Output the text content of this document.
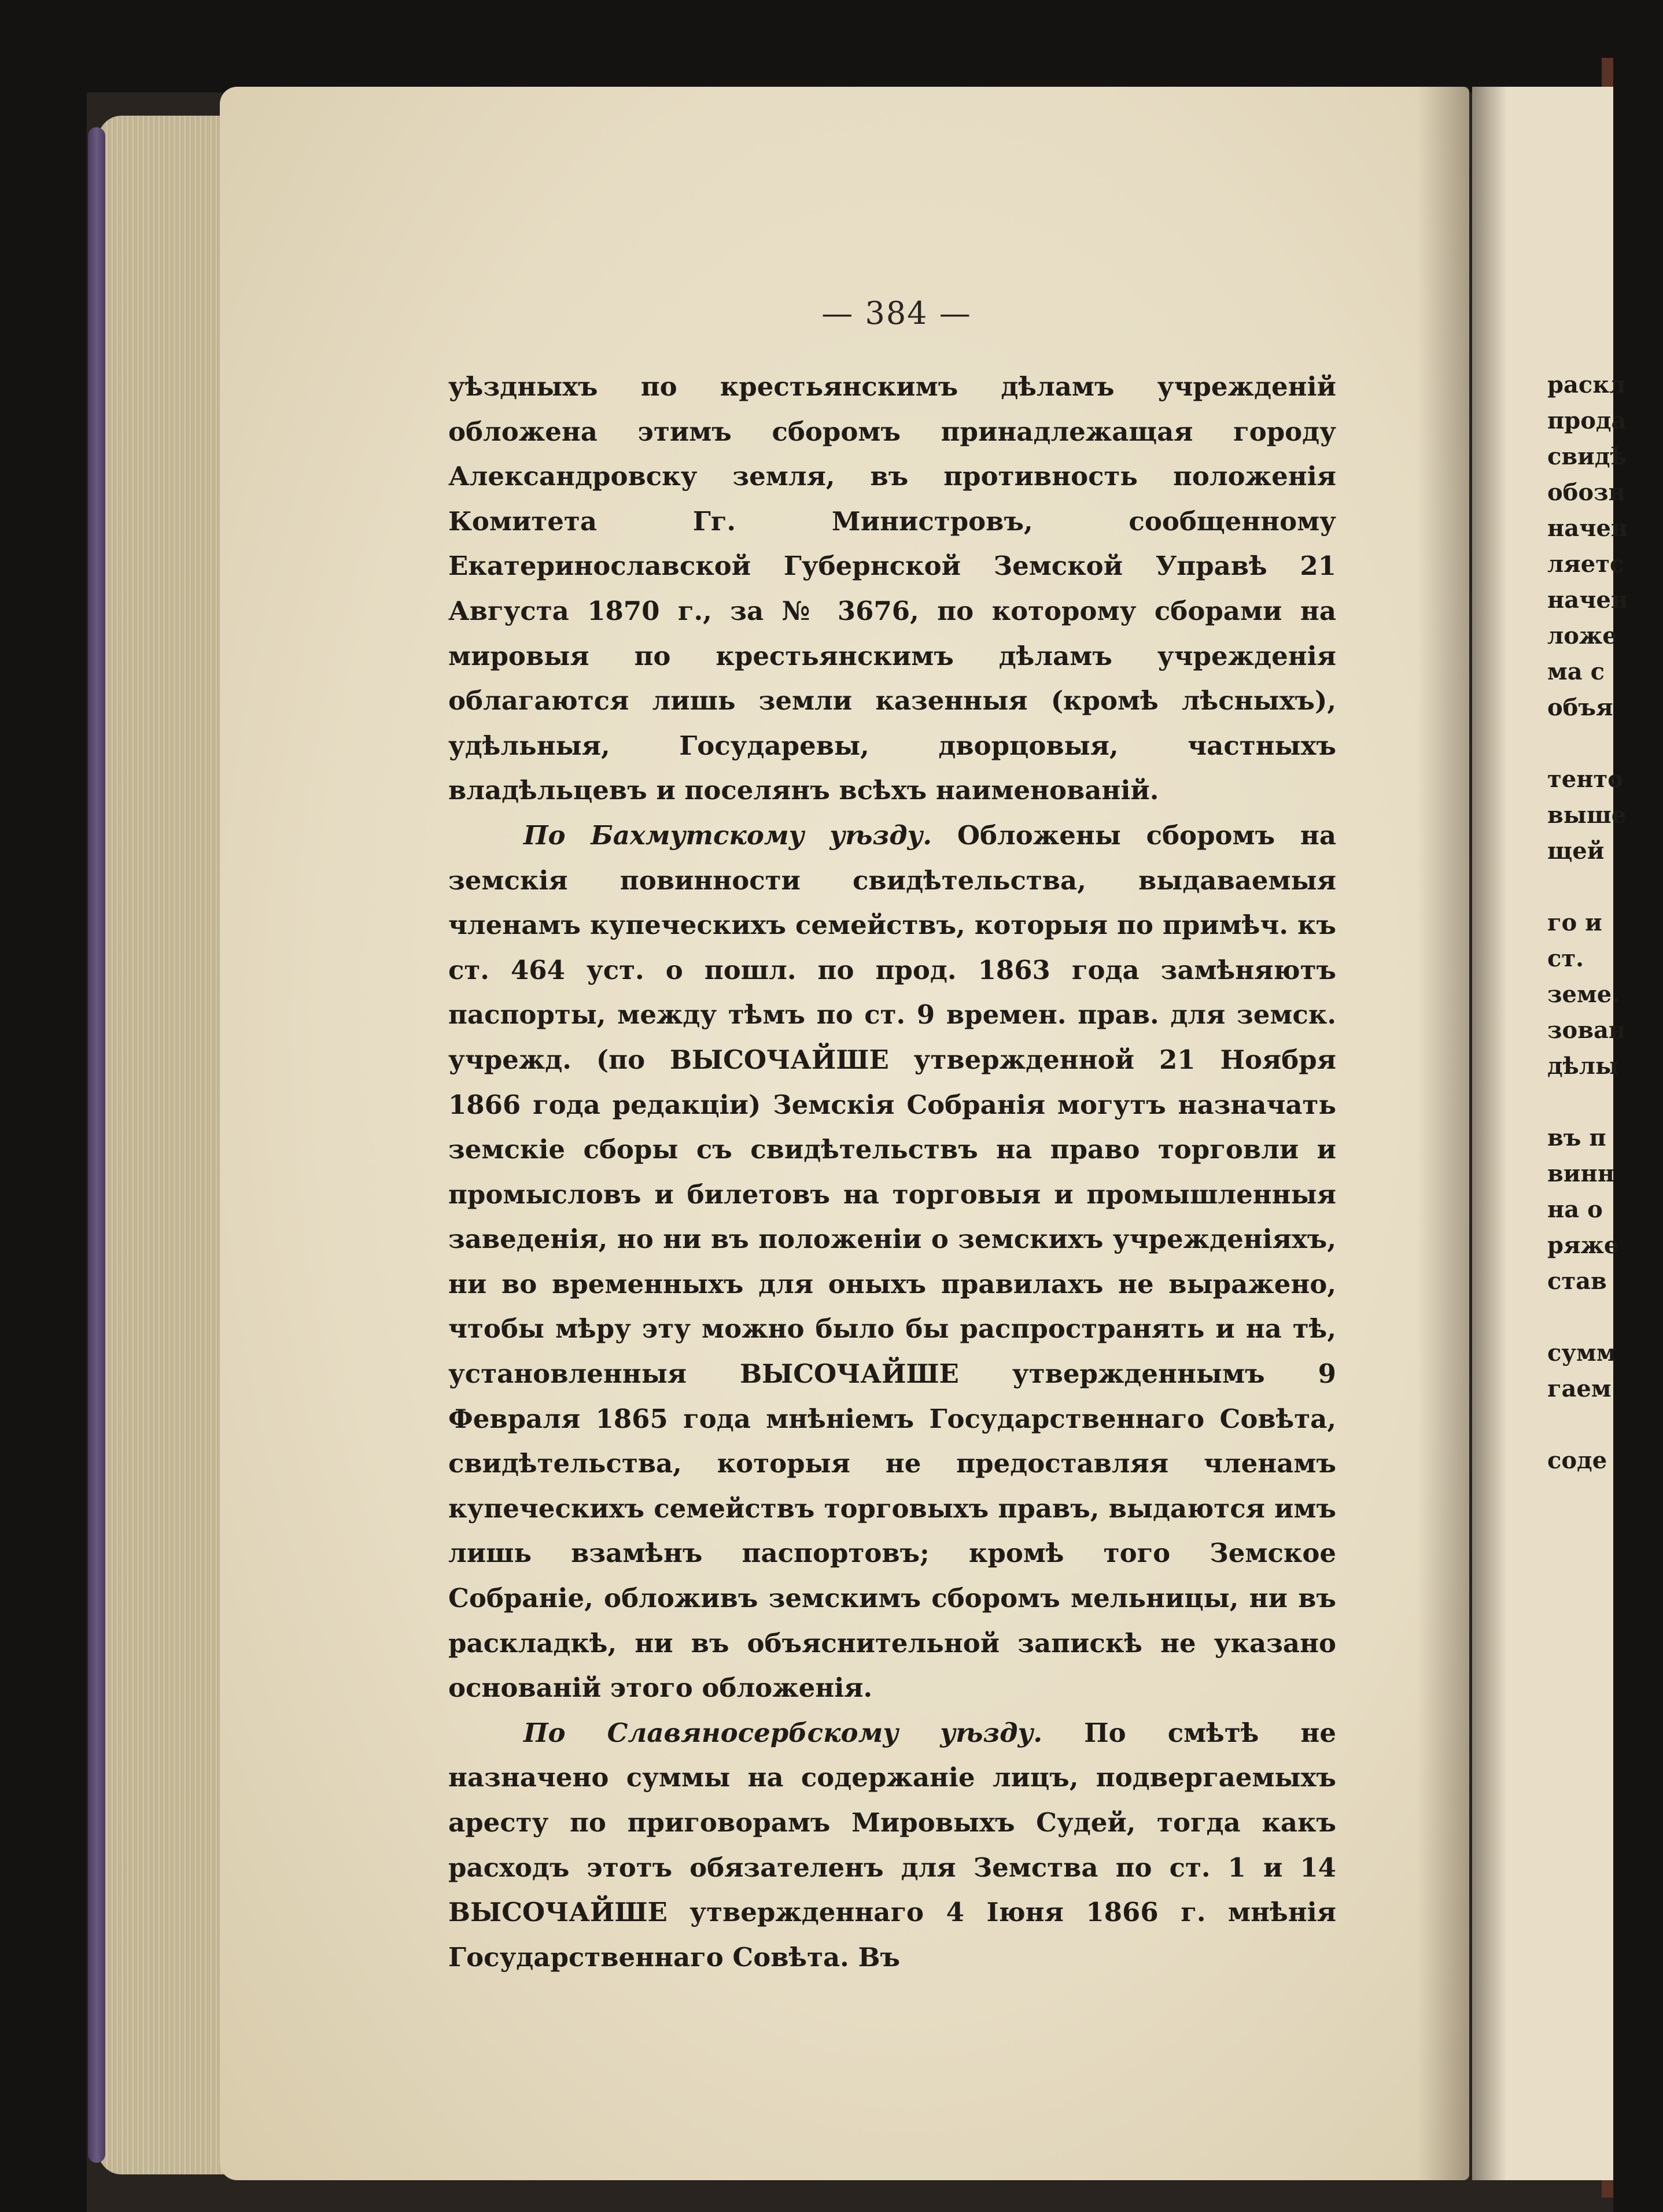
— 384 —

уѣздныхъ по крестьянскимъ дѣламъ учрежденій обложена этимъ сборомъ принадлежащая городу Александровску земля, въ противность положенія Комитета Гг. Министровъ, сообщенному Екатеринославской Губернской Земской Управѣ 21 Августа 1870 г., за № 3676, по которому сборами на мировыя по крестьянскимъ дѣламъ учрежденія облагаются лишь земли казенныя (кромѣ лѣсныхъ), удѣльныя, Государевы, дворцовыя, частныхъ владѣльцевъ и поселянъ всѣхъ наименованій.

По Бахмутскому уѣзду. Обложены сборомъ на земскія повинности свидѣтельства, выдаваемыя членамъ купеческихъ семействъ, которыя по примѣч. къ ст. 464 уст. о пошл. по прод. 1863 года замѣняютъ паспорты, между тѣмъ по ст. 9 времен. прав. для земск. учрежд. (по ВЫСОЧАЙШЕ утвержденной 21 Ноября 1866 года редакціи) Земскія Собранія могутъ назначать земскіе сборы съ свидѣтельствъ на право торговли и промысловъ и билетовъ на торговыя и промышленныя заведенія, но ни въ положеніи о земскихъ учрежденіяхъ, ни во временныхъ для оныхъ правилахъ не выражено, чтобы мѣру эту можно было бы распространять и на тѣ, установленныя ВЫСОЧАЙШЕ утвержденнымъ 9 Февраля 1865 года мнѣніемъ Государственнаго Совѣта, свидѣтельства, которыя не предоставляя членамъ купеческихъ семействъ торговыхъ правъ, выдаются имъ лишь взамѣнъ паспортовъ; кромѣ того Земское Собраніе, обложивъ земскимъ сборомъ мельницы, ни въ раскладкѣ, ни въ объяснительной запискѣ не указано основаній этого обложенія.

По Славяносербскому уѣзду. По смѣтѣ не назначено суммы на содержаніе лицъ, подвергаемыхъ аресту по приговорамъ Мировыхъ Судей, тогда какъ расходъ этотъ обязателенъ для Земства по ст. 1 и 14 ВЫСОЧАЙШЕ утвержденнаго 4 Іюня 1866 г. мнѣнія Государственнаго Совѣта. Въ

раскл
прода
свидѣ
обозн
начен
ляетс
начен
ложе
ма с
объя
тенто
выше
щей
го и
ст.
земе.
зован
дѣлы
въ п
винн
на о
ряже
став
сумм
гаем
соде
